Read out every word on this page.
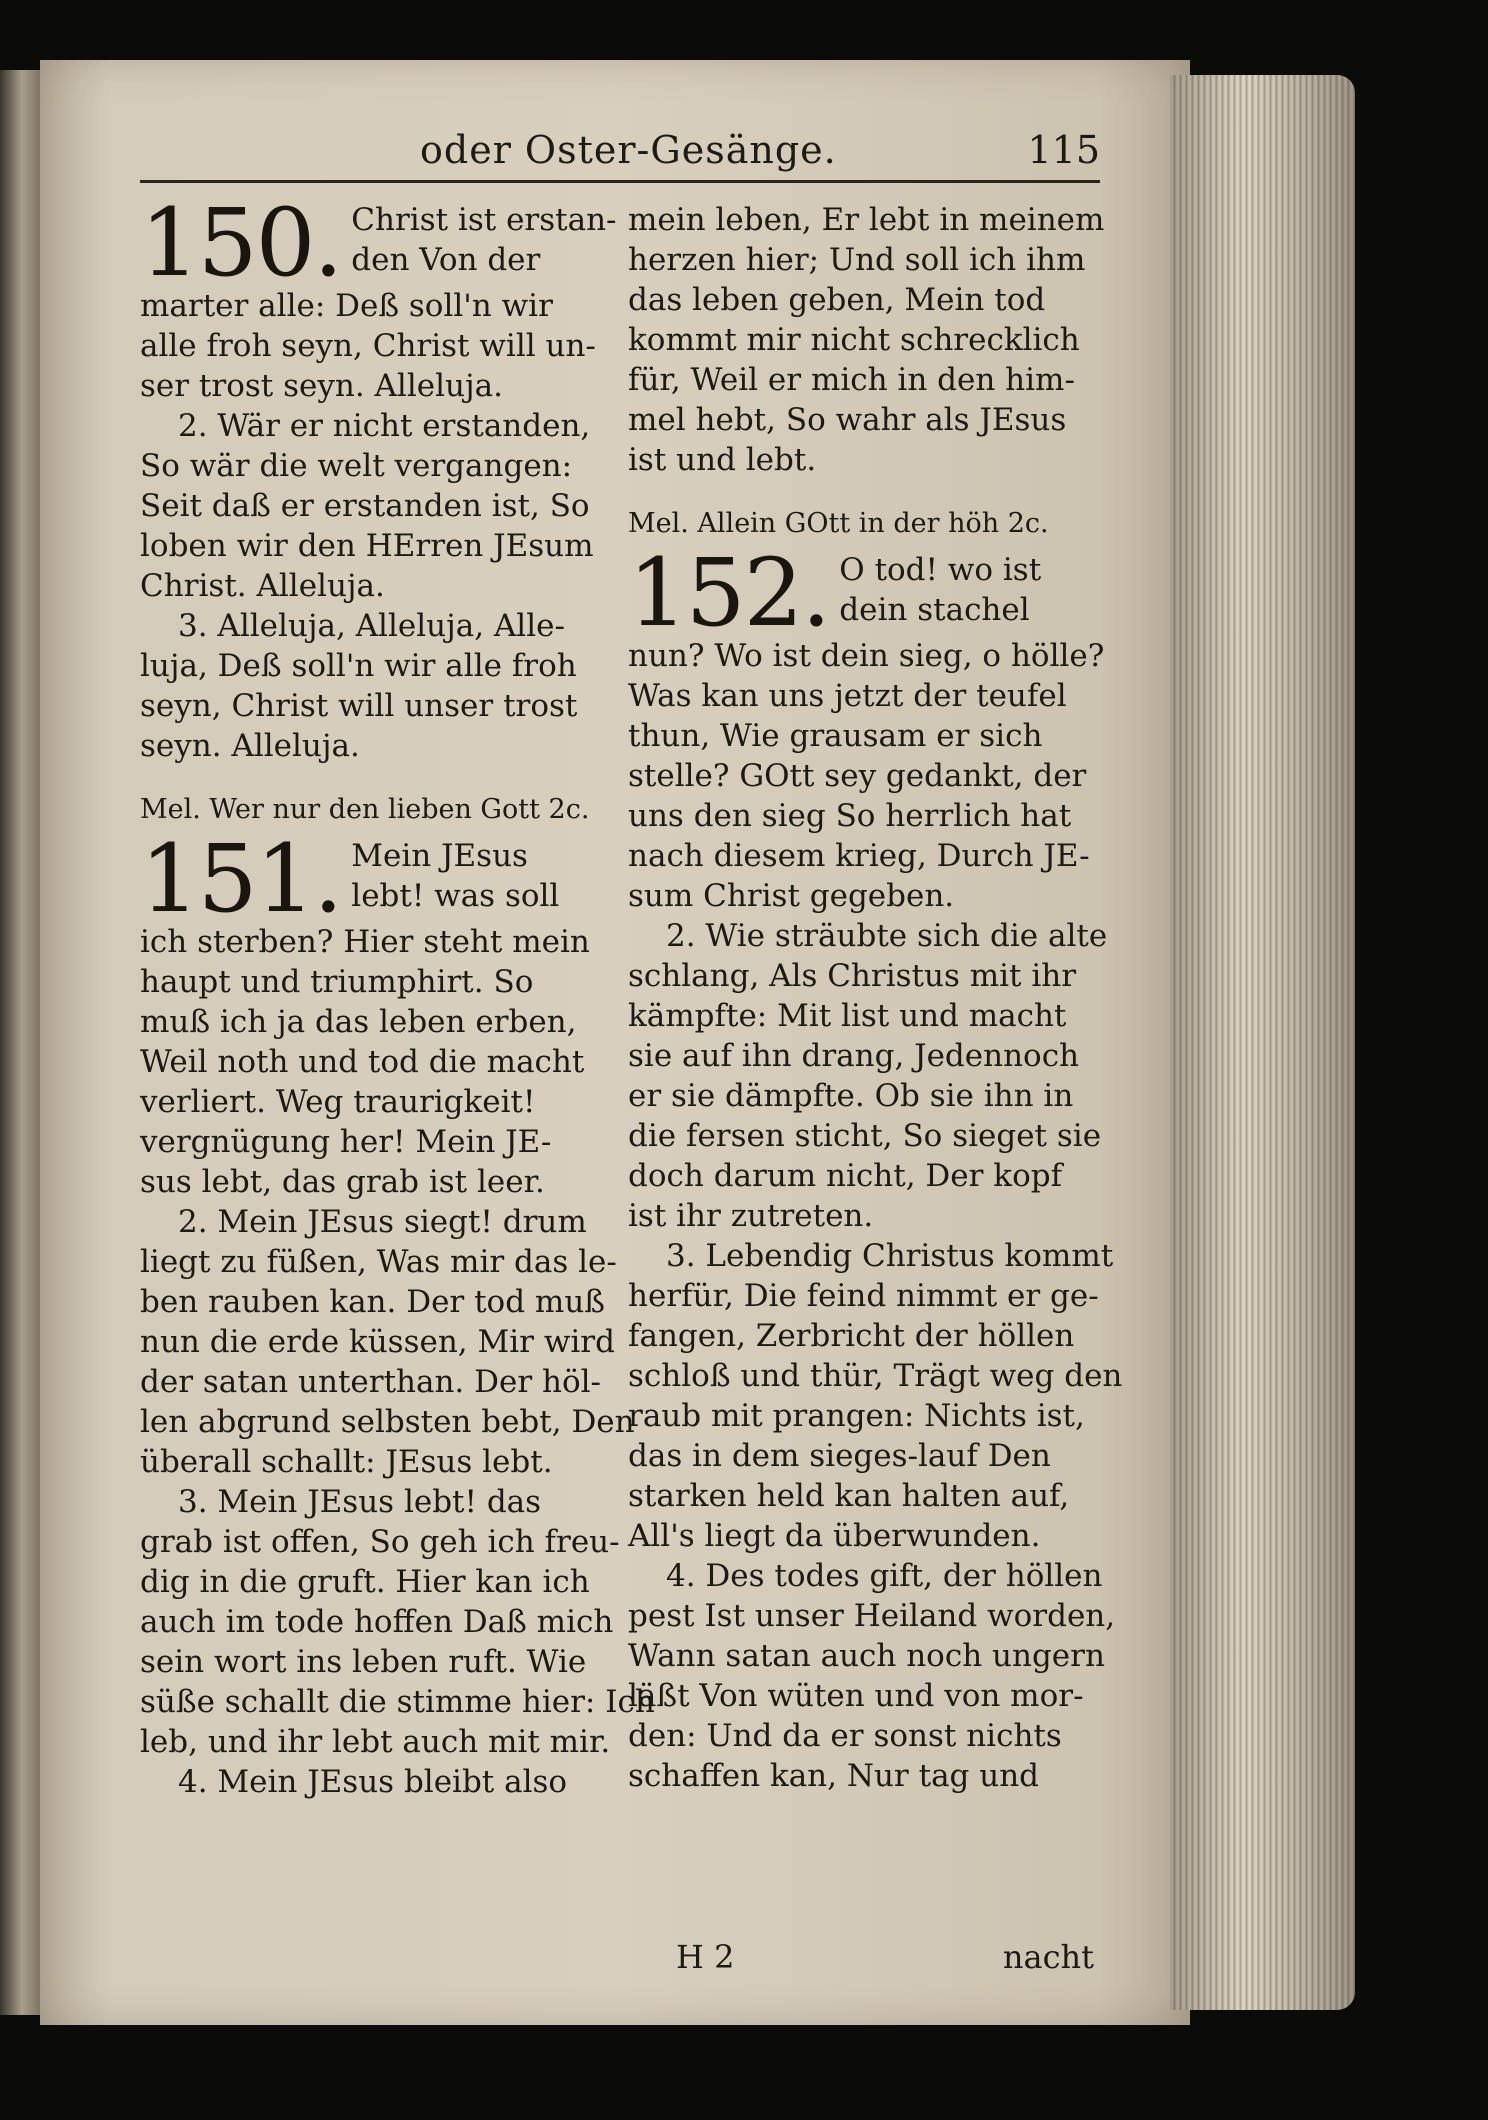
oder Oster-Gesänge.	115
150. Christ ist erstan-
den Von der
marter alle: Deß soll'n wir
alle froh seyn, Christ will un-
ser trost seyn. Alleluja.
2. Wär er nicht erstanden,
So wär die welt vergangen:
Seit daß er erstanden ist, So
loben wir den HErren JEsum
Christ. Alleluja.
3. Alleluja, Alleluja, Alle-
luja, Deß soll'n wir alle froh
seyn, Christ will unser trost
seyn. Alleluja.
Mel. Wer nur den lieben Gott 2c.
151. Mein JEsus
lebt! was soll
ich sterben? Hier steht mein
haupt und triumphirt. So
muß ich ja das leben erben,
Weil noth und tod die macht
verliert. Weg traurigkeit!
vergnügung her! Mein JE-
sus lebt, das grab ist leer.
2. Mein JEsus siegt! drum
liegt zu füßen, Was mir das le-
ben rauben kan. Der tod muß
nun die erde küssen, Mir wird
der satan unterthan. Der höl-
len abgrund selbsten bebt, Den
überall schallt: JEsus lebt.
3. Mein JEsus lebt! das
grab ist offen, So geh ich freu-
dig in die gruft. Hier kan ich
auch im tode hoffen Daß mich
sein wort ins leben ruft. Wie
süße schallt die stimme hier: Ich
leb, und ihr lebt auch mit mir.
4. Mein JEsus bleibt also
mein leben, Er lebt in meinem
herzen hier; Und soll ich ihm
das leben geben, Mein tod
kommt mir nicht schrecklich
für, Weil er mich in den him-
mel hebt, So wahr als JEsus
ist und lebt.
Mel. Allein GOtt in der höh 2c.
152. O tod! wo ist
dein stachel
nun? Wo ist dein sieg, o hölle?
Was kan uns jetzt der teufel
thun, Wie grausam er sich
stelle? GOtt sey gedankt, der
uns den sieg So herrlich hat
nach diesem krieg, Durch JE-
sum Christ gegeben.
2. Wie sträubte sich die alte
schlang, Als Christus mit ihr
kämpfte: Mit list und macht
sie auf ihn drang, Jedennoch
er sie dämpfte. Ob sie ihn in
die fersen sticht, So sieget sie
doch darum nicht, Der kopf
ist ihr zutreten.
3. Lebendig Christus kommt
herfür, Die feind nimmt er ge-
fangen, Zerbricht der höllen
schloß und thür, Trägt weg den
raub mit prangen: Nichts ist,
das in dem sieges-lauf Den
starken held kan halten auf,
All's liegt da überwunden.
4. Des todes gift, der höllen
pest Ist unser Heiland worden,
Wann satan auch noch ungern
läßt Von wüten und von mor-
den: Und da er sonst nichts
schaffen kan, Nur tag und
H 2	nacht
